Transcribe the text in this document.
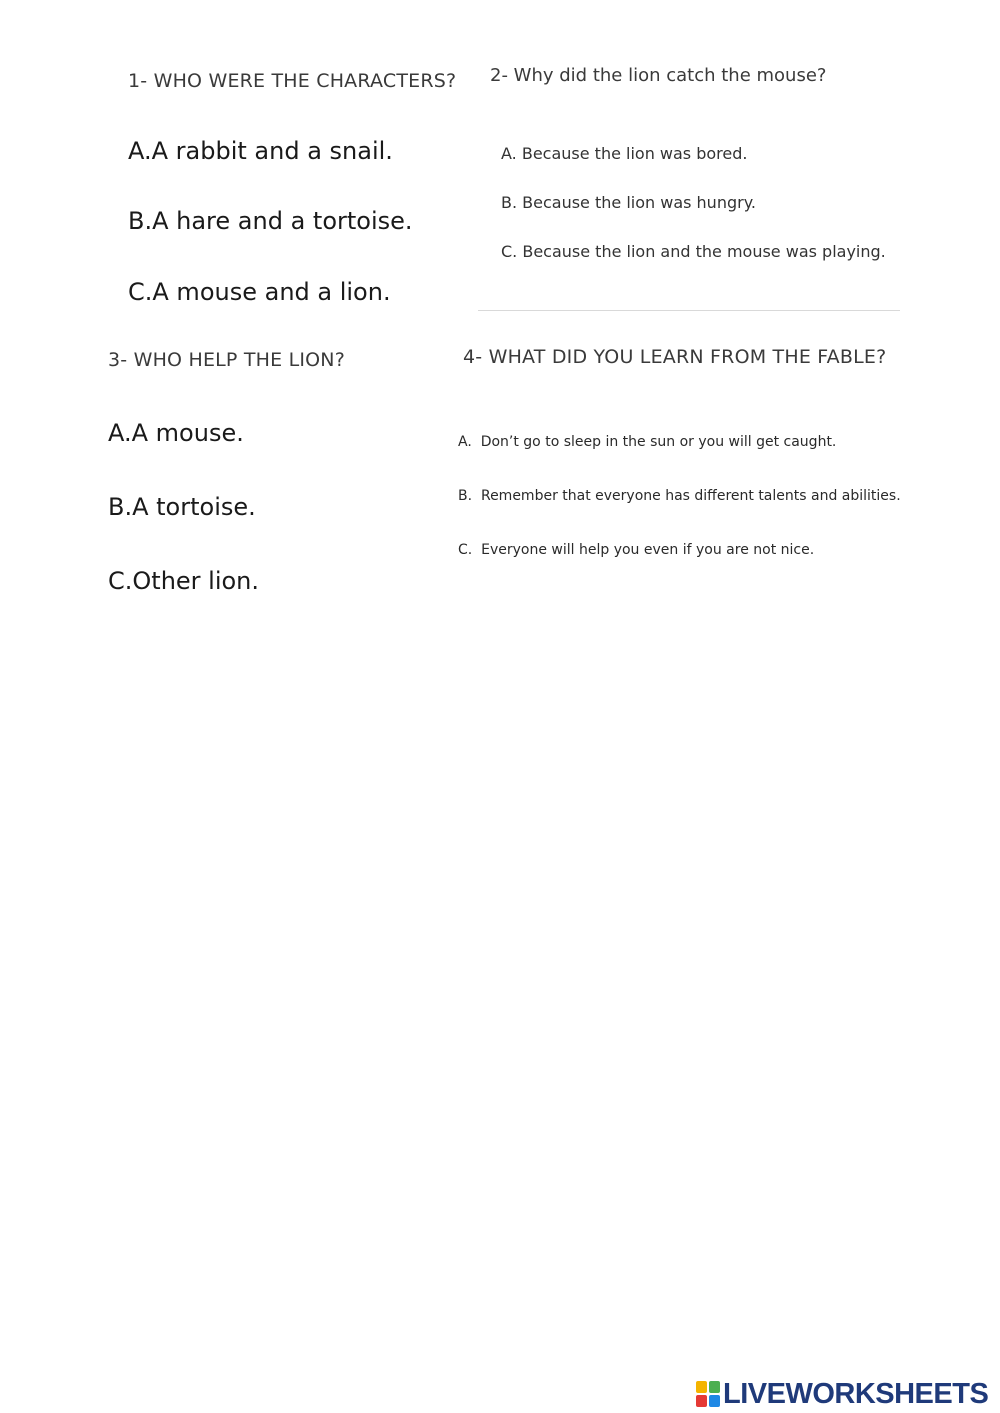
1- WHO WERE THE CHARACTERS?
A.A rabbit and a snail.
B.A hare and a tortoise.
C.A mouse and a lion.
2- Why did the lion catch the mouse?
A. Because the lion was bored.
B. Because the lion was hungry.
C. Because the lion and the mouse was playing.
3- WHO HELP THE LION?
A.A mouse.
B.A tortoise.
C.Other lion.
4- WHAT DID YOU LEARN FROM THE FABLE?
A. Don’t go to sleep in the sun or you will get caught.
B. Remember that everyone has different talents and abilities.
C. Everyone will help you even if you are not nice.
LIVEWORKSHEETS
